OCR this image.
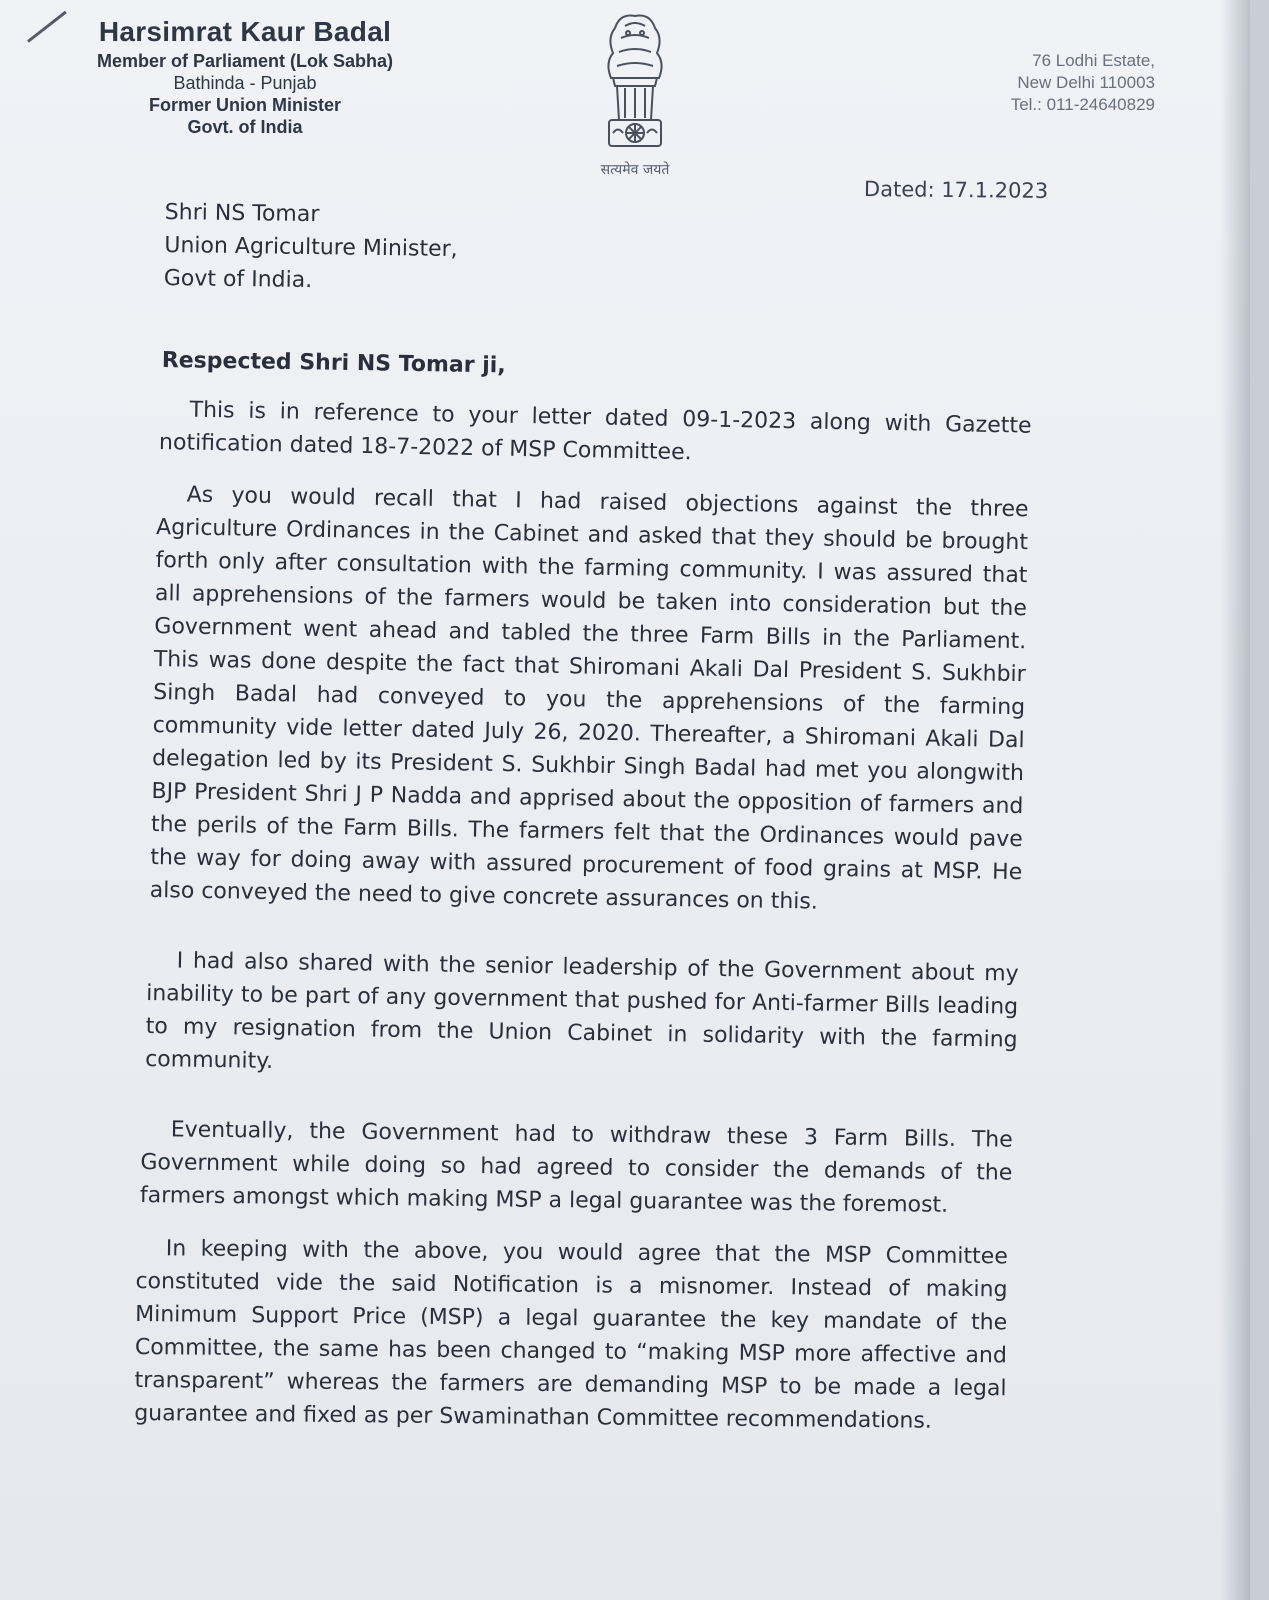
Harsimrat Kaur Badal
Member of Parliament (Lok Sabha)
Bathinda - Punjab
Former Union Minister
Govt. of India
सत्यमेव जयते
76 Lodhi Estate,
New Delhi 110003
Tel.: 011-24640829
Dated: 17.1.2023
Shri NS Tomar
Union Agriculture Minister,
Govt of India.
Respected Shri NS Tomar ji,
This is in reference to your letter dated 09-1-2023 along with Gazette notification dated 18-7-2022 of MSP Committee.
As you would recall that I had raised objections against the three Agriculture Ordinances in the Cabinet and asked that they should be brought forth only after consultation with the farming community. I was assured that all apprehensions of the farmers would be taken into consideration but the Government went ahead and tabled the three Farm Bills in the Parliament. This was done despite the fact that Shiromani Akali Dal President S. Sukhbir Singh Badal had conveyed to you the apprehensions of the farming community vide letter dated July 26, 2020. Thereafter, a Shiromani Akali Dal delegation led by its President S. Sukhbir Singh Badal had met you alongwith BJP President Shri J P Nadda and apprised about the opposition of farmers and the perils of the Farm Bills. The farmers felt that the Ordinances would pave the way for doing away with assured procurement of food grains at MSP. He also conveyed the need to give concrete assurances on this.
I had also shared with the senior leadership of the Government about my inability to be part of any government that pushed for Anti-farmer Bills leading to my resignation from the Union Cabinet in solidarity with the farming community.
Eventually, the Government had to withdraw these 3 Farm Bills. The Government while doing so had agreed to consider the demands of the farmers amongst which making MSP a legal guarantee was the foremost.
In keeping with the above, you would agree that the MSP Committee constituted vide the said Notification is a misnomer. Instead of making Minimum Support Price (MSP) a legal guarantee the key mandate of the Committee, the same has been changed to “making MSP more affective and transparent” whereas the farmers are demanding MSP to be made a legal guarantee and fixed as per Swaminathan Committee recommendations.
